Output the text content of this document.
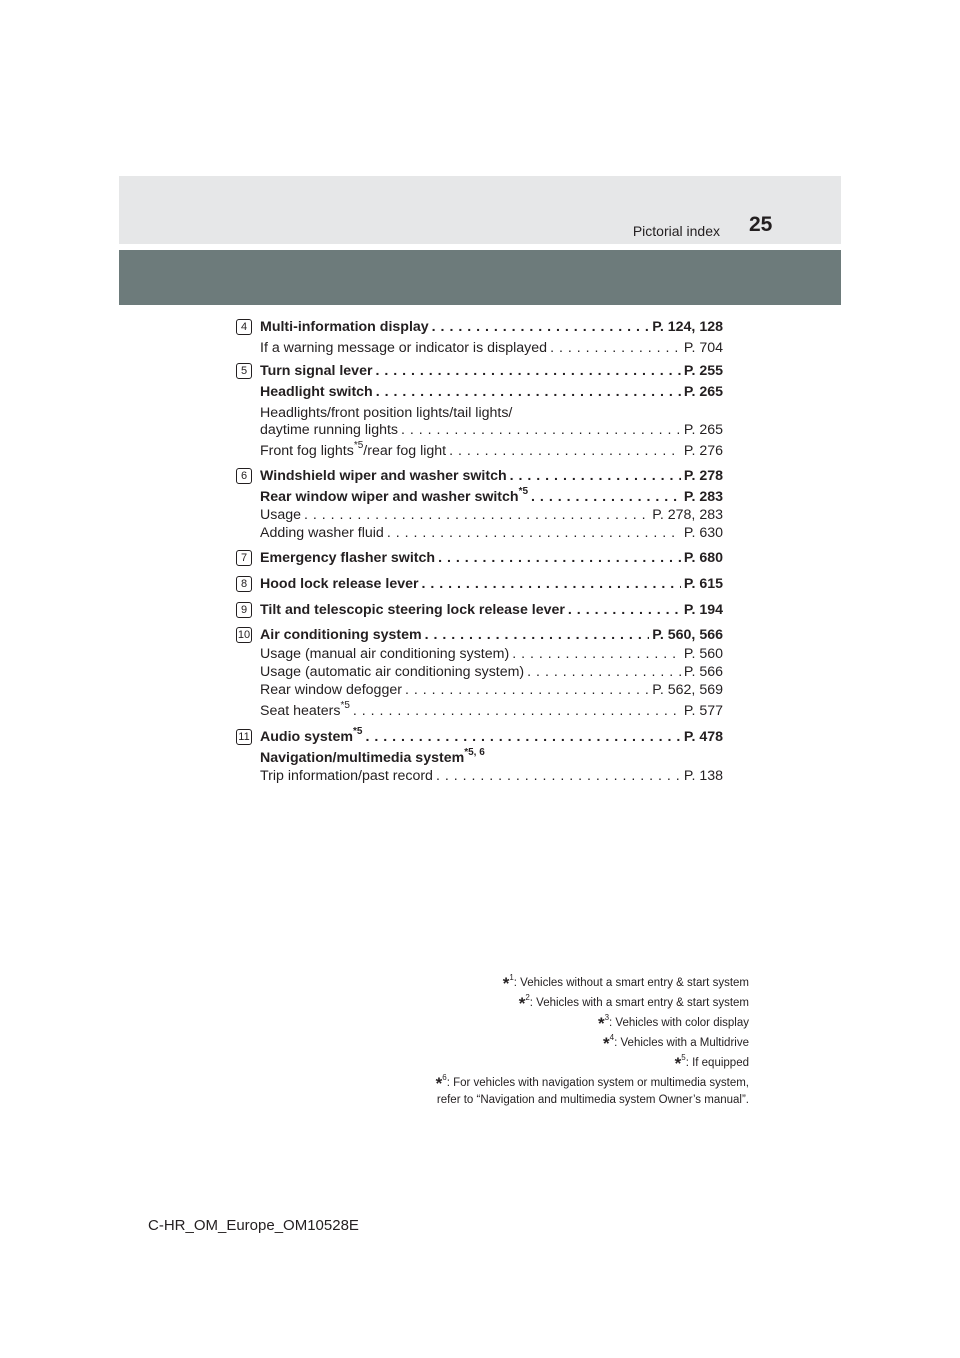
Pictorial index 25
4 Multi-information display . . .	P. 124, 128
If a warning message or indicator is displayed . . .	P. 704
5 Turn signal lever . . .	P. 255
Headlight switch . . .	P. 265
Headlights/front position lights/tail lights/
daytime running lights . . .	P. 265
Front fog lights$^{*5}$/rear fog light . . .	P. 276
6 Windshield wiper and washer switch . . .	P. 278
Rear window wiper and washer switch$^{*5}$ . . .	P. 283
Usage . . .	P. 278, 283
Adding washer fluid . . .	P. 630
7 Emergency flasher switch . . .	P. 680
8 Hood lock release lever . . .	P. 615
9 Tilt and telescopic steering lock release lever . . .	P. 194
10 Air conditioning system . . .	P. 560, 566
Usage (manual air conditioning system) . . .	P. 560
Usage (automatic air conditioning system) . . .	P. 566
Rear window defogger . . .	P. 562, 569
Seat heaters$^{*5}$ . . .	P. 577
11 Audio system$^{*5}$ . . .	P. 478
Navigation/multimedia system$^{*5, 6}$
Trip information/past record . . .	P. 138
*$^1$: Vehicles without a smart entry & start system
*$^2$: Vehicles with a smart entry & start system
*$^3$: Vehicles with color display
*$^4$: Vehicles with a Multidrive
*$^5$: If equipped
*$^6$: For vehicles with navigation system or multimedia system,
refer to “Navigation and multimedia system Owner’s manual”.
C-HR_OM_Europe_OM10528E
